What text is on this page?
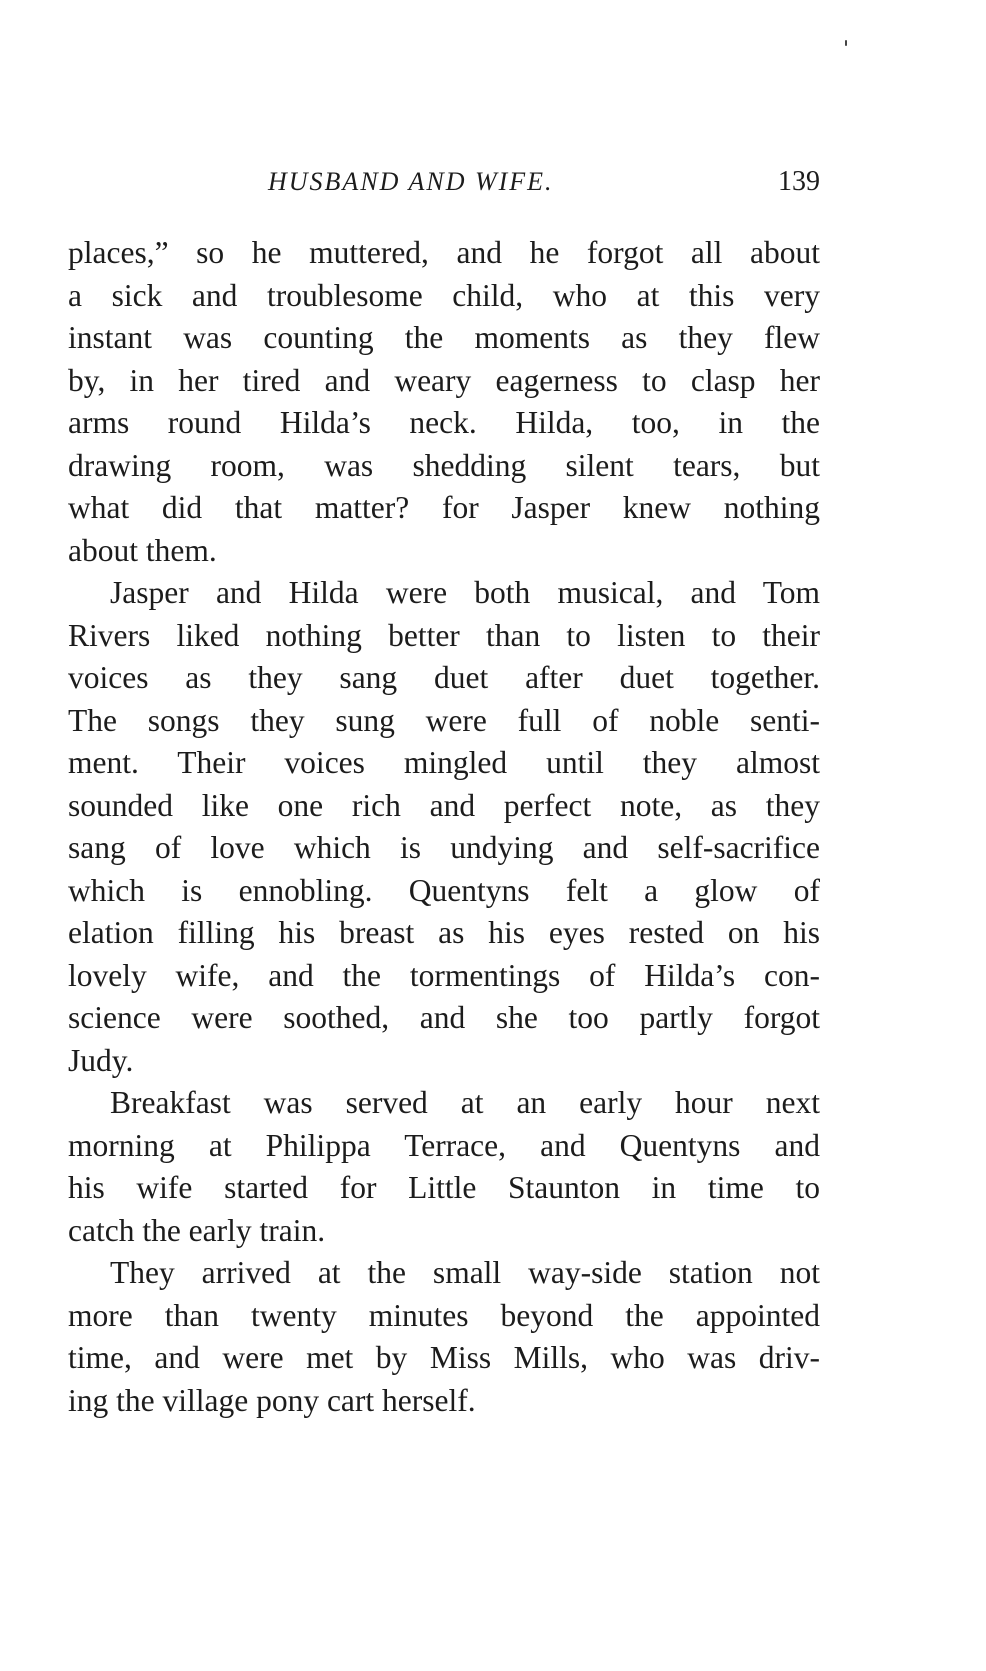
HUSBAND AND WIFE.	139
places,” so he muttered, and he forgot all about
a sick and troublesome child, who at this very
instant was counting the moments as they flew
by, in her tired and weary eagerness to clasp her
arms round Hilda’s neck. Hilda, too, in the
drawing room, was shedding silent tears, but
what did that matter? for Jasper knew nothing
about them.
Jasper and Hilda were both musical, and Tom
Rivers liked nothing better than to listen to their
voices as they sang duet after duet together.
The songs they sung were full of noble senti-
ment. Their voices mingled until they almost
sounded like one rich and perfect note, as they
sang of love which is undying and self-sacrifice
which is ennobling. Quentyns felt a glow of
elation filling his breast as his eyes rested on his
lovely wife, and the tormentings of Hilda’s con-
science were soothed, and she too partly forgot
Judy.
Breakfast was served at an early hour next
morning at Philippa Terrace, and Quentyns and
his wife started for Little Staunton in time to
catch the early train.
They arrived at the small way-side station not
more than twenty minutes beyond the appointed
time, and were met by Miss Mills, who was driv-
ing the village pony cart herself.
